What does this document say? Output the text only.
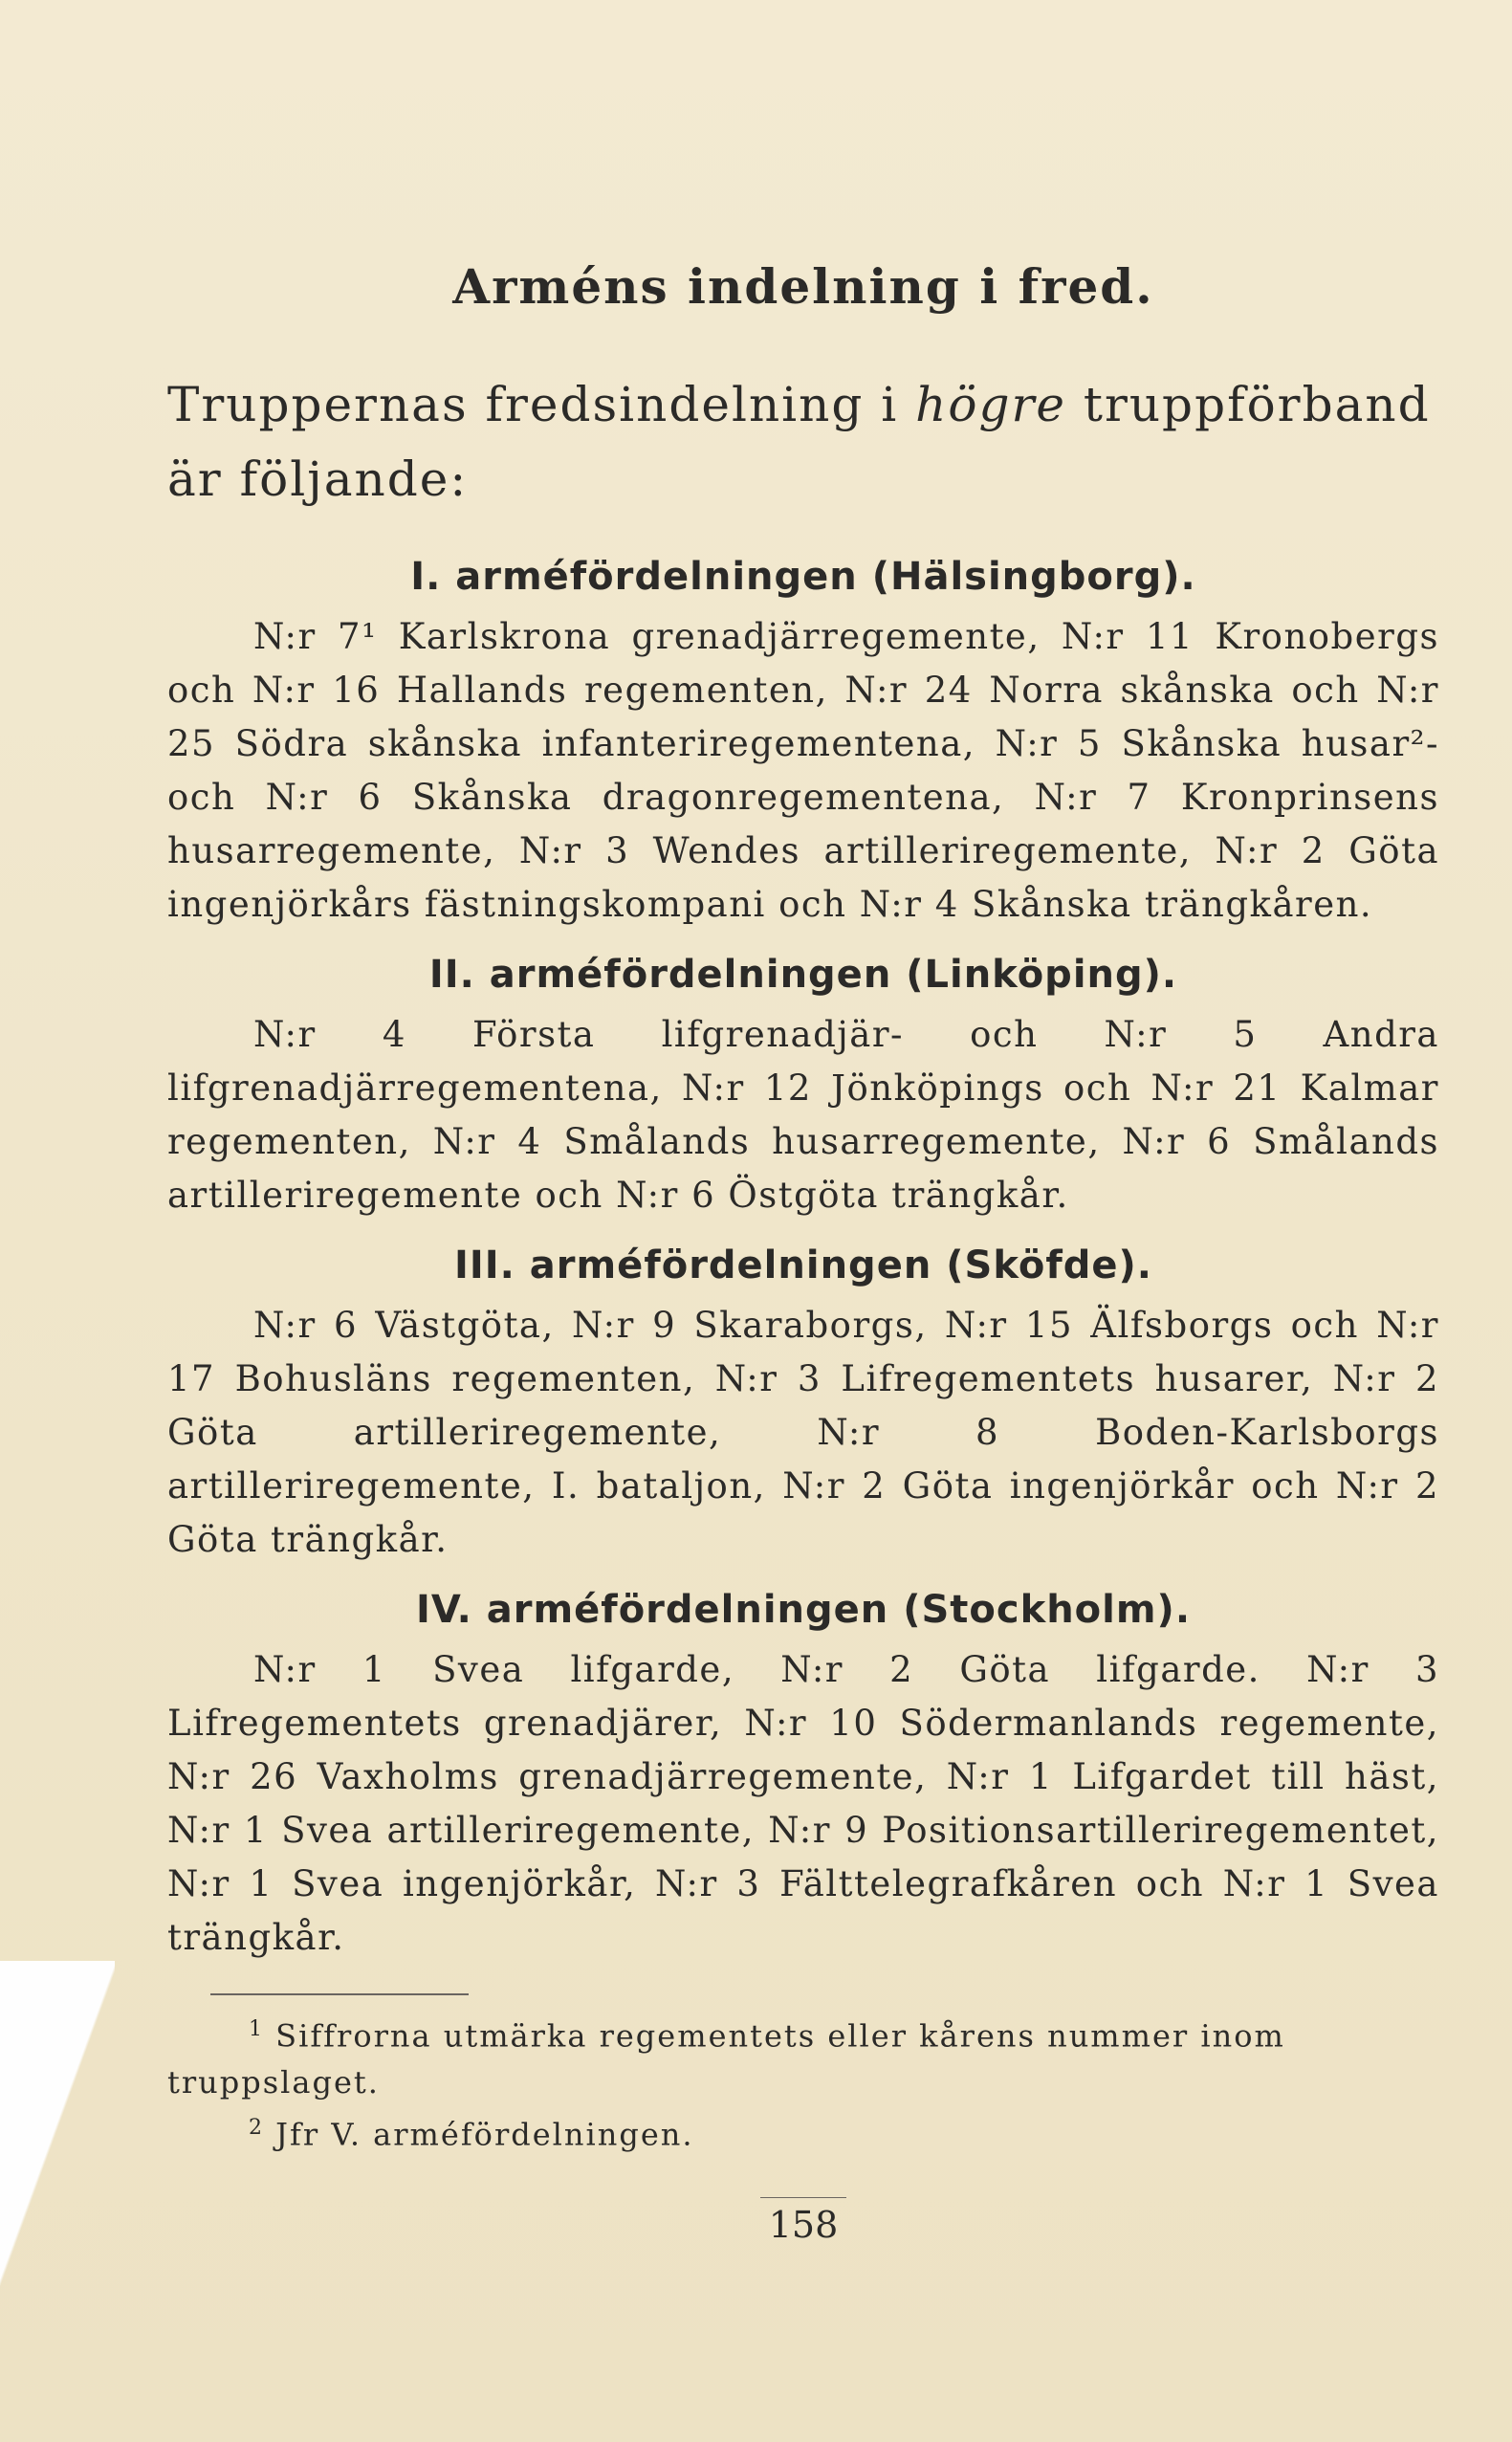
Arméns indelning i fred.

Truppernas fredsindelning i högre truppförband är följande:

I. arméfördelningen (Hälsingborg).

N:r 7¹ Karlskrona grenadjärregemente, N:r 11 Kronobergs och N:r 16 Hallands regementen, N:r 24 Norra skånska och N:r 25 Södra skånska infanteriregementena, N:r 5 Skånska husar²- och N:r 6 Skånska dragonregementena, N:r 7 Kronprinsens husarregemente, N:r 3 Wendes artilleriregemente, N:r 2 Göta ingenjörkårs fästningskompani och N:r 4 Skånska trängkåren.

II. arméfördelningen (Linköping).

N:r 4 Första lifgrenadjär- och N:r 5 Andra lifgrenadjärregementena, N:r 12 Jönköpings och N:r 21 Kalmar regementen, N:r 4 Smålands husarregemente, N:r 6 Smålands artilleriregemente och N:r 6 Östgöta trängkår.

III. arméfördelningen (Sköfde).

N:r 6 Västgöta, N:r 9 Skaraborgs, N:r 15 Älfsborgs och N:r 17 Bohusläns regementen, N:r 3 Lifregementets husarer, N:r 2 Göta artilleriregemente, N:r 8 Boden-Karlsborgs artilleriregemente, I. bataljon, N:r 2 Göta ingenjörkår och N:r 2 Göta trängkår.

IV. arméfördelningen (Stockholm).

N:r 1 Svea lifgarde, N:r 2 Göta lifgarde. N:r 3 Lifregementets grenadjärer, N:r 10 Södermanlands regemente, N:r 26 Vaxholms grenadjärregemente, N:r 1 Lifgardet till häst, N:r 1 Svea artilleriregemente, N:r 9 Positionsartilleriregementet, N:r 1 Svea ingenjörkår, N:r 3 Fälttelegrafkåren och N:r 1 Svea trängkår.

$^1$ Siffrorna utmärka regementets eller kårens nummer inom truppslaget.

$^2$ Jfr V. arméfördelningen.

158
